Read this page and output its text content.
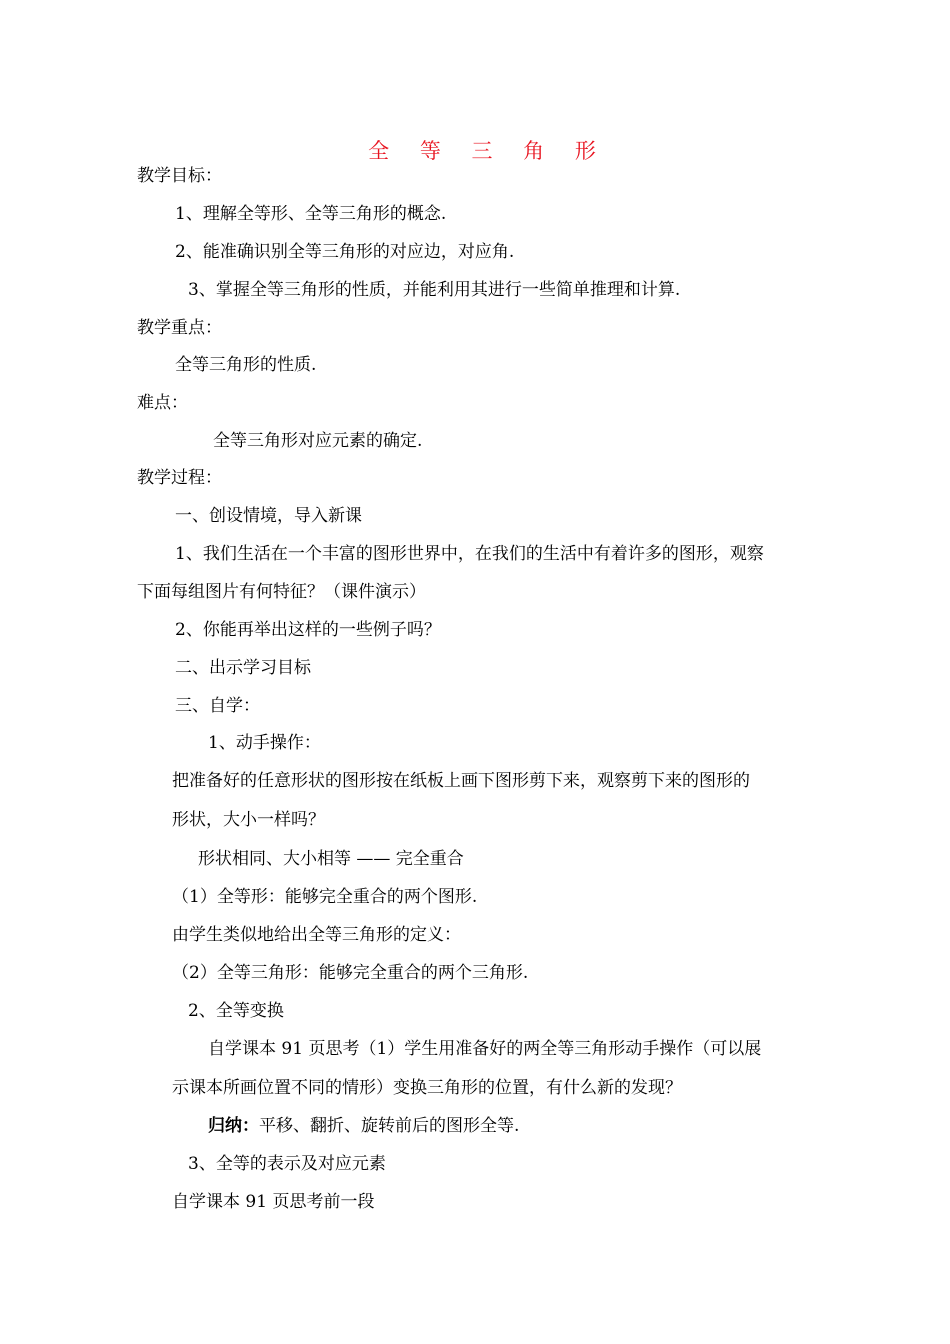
全 等 三 角 形
教学目标：
1、理解全等形、全等三角形的概念.
2、能准确识别全等三角形的对应边，对应角.
3、掌握全等三角形的性质，并能利用其进行一些简单推理和计算.
教学重点：
全等三角形的性质.
难点：
全等三角形对应元素的确定.
教学过程：
一、创设情境，导入新课
1、我们生活在一个丰富的图形世界中，在我们的生活中有着许多的图形，观察
下面每组图片有何特征？（课件演示）
2、你能再举出这样的一些例子吗？
二、出示学习目标
三、自学：
1、动手操作：
把准备好的任意形状的图形按在纸板上画下图形剪下来，观察剪下来的图形的
形状，大小一样吗？
形状相同、大小相等 —— 完全重合
（1）全等形：能够完全重合的两个图形.
由学生类似地给出全等三角形的定义：
（2）全等三角形：能够完全重合的两个三角形.
2、全等变换
自学课本 91 页思考（1）学生用准备好的两全等三角形动手操作（可以展
示课本所画位置不同的情形）变换三角形的位置，有什么新的发现？
归纳：平移、翻折、旋转前后的图形全等.
3、全等的表示及对应元素
自学课本 91 页思考前一段
